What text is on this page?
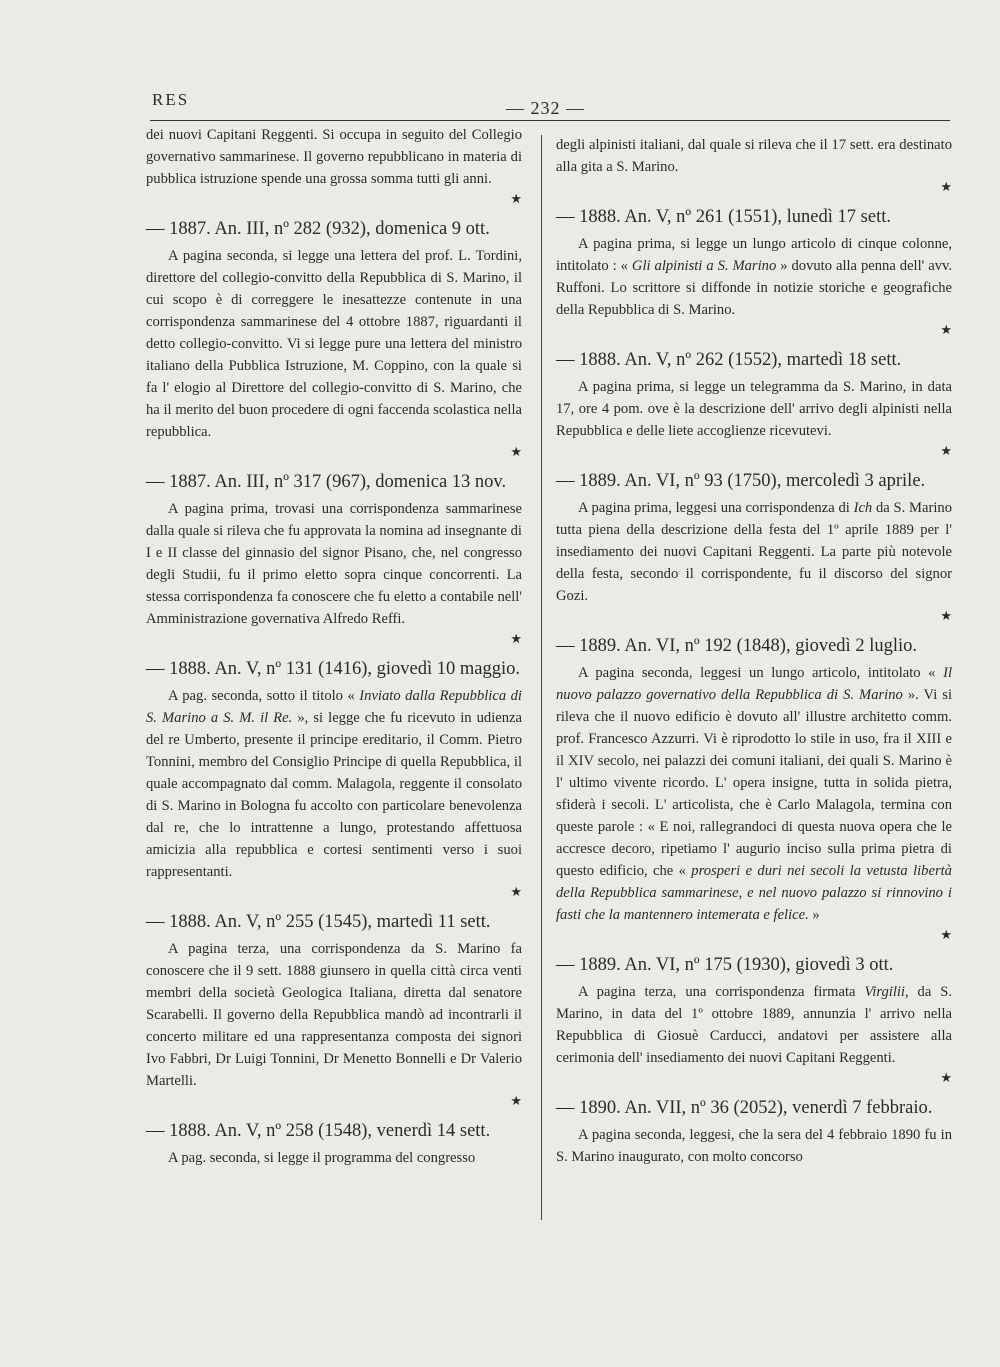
RES	— 232 —
dei nuovi Capitani Reggenti. Si occupa in seguito del Collegio governativo sammarinese. Il governo repubblicano in materia di pubblica istruzione spende una grossa somma tutti gli anni.
★
— 1887. An. III, nº 282 (932), domenica 9 ott.
A pagina seconda, si legge una lettera del prof. L. Tordini, direttore del collegio-convitto della Repubblica di S. Marino, il cui scopo è di correggere le inesattezze contenute in una corrispondenza sammarinese del 4 ottobre 1887, riguardanti il detto collegio-convitto. Vi si legge pure una lettera del ministro italiano della Pubblica Istruzione, M. Coppino, con la quale si fa l' elogio al Direttore del collegio-convitto di S. Marino, che ha il merito del buon procedere di ogni faccenda scolastica nella repubblica.
★
— 1887. An. III, nº 317 (967), domenica 13 nov.
A pagina prima, trovasi una corrispondenza sammarinese dalla quale si rileva che fu approvata la nomina ad insegnante di I e II classe del ginnasio del signor Pisano, che, nel congresso degli Studii, fu il primo eletto sopra cinque concorrenti. La stessa corrispondenza fa conoscere che fu eletto a contabile nell' Amministrazione governativa Alfredo Reffi.
★
— 1888. An. V, nº 131 (1416), giovedì 10 maggio.
A pag. seconda, sotto il titolo « Inviato dalla Repubblica di S. Marino a S. M. il Re. », si legge che fu ricevuto in udienza del re Umberto, presente il principe ereditario, il Comm. Pietro Tonnini, membro del Consiglio Principe di quella Repubblica, il quale accompagnato dal comm. Malagola, reggente il consolato di S. Marino in Bologna fu accolto con particolare benevolenza dal re, che lo intrattenne a lungo, protestando affettuosa amicizia alla repubblica e cortesi sentimenti verso i suoi rappresentanti.
★
— 1888. An. V, nº 255 (1545), martedì 11 sett.
A pagina terza, una corrispondenza da S. Marino fa conoscere che il 9 sett. 1888 giunsero in quella città circa venti membri della società Geologica Italiana, diretta dal senatore Scarabelli. Il governo della Repubblica mandò ad incontrarli il concerto militare ed una rappresentanza composta dei signori Ivo Fabbri, Dr Luigi Tonnini, Dr Menetto Bonnelli e Dr Valerio Martelli.
★
— 1888. An. V, nº 258 (1548), venerdì 14 sett.
A pag. seconda, si legge il programma del congresso
degli alpinisti italiani, dal quale si rileva che il 17 sett. era destinato alla gita a S. Marino.
★
— 1888. An. V, nº 261 (1551), lunedì 17 sett.
A pagina prima, si legge un lungo articolo di cinque colonne, intitolato : « Gli alpinisti a S. Marino » dovuto alla penna dell' avv. Ruffoni. Lo scrittore si diffonde in notizie storiche e geografiche della Repubblica di S. Marino.
★
— 1888. An. V, nº 262 (1552), martedì 18 sett.
A pagina prima, si legge un telegramma da S. Marino, in data 17, ore 4 pom. ove è la descrizione dell' arrivo degli alpinisti nella Repubblica e delle liete accoglienze ricevutevi.
★
— 1889. An. VI, nº 93 (1750), mercoledì 3 aprile.
A pagina prima, leggesi una corrispondenza di Ich da S. Marino tutta piena della descrizione della festa del 1º aprile 1889 per l' insediamento dei nuovi Capitani Reggenti. La parte più notevole della festa, secondo il corrispondente, fu il discorso del signor Gozi.
★
— 1889. An. VI, nº 192 (1848), giovedì 2 luglio.
A pagina seconda, leggesi un lungo articolo, intitolato « Il nuovo palazzo governativo della Repubblica di S. Marino ». Vi si rileva che il nuovo edificio è dovuto all' illustre architetto comm. prof. Francesco Azzurri. Vi è riprodotto lo stile in uso, fra il XIII e il XIV secolo, nei palazzi dei comuni italiani, dei quali S. Marino è l' ultimo vivente ricordo. L' opera insigne, tutta in solida pietra, sfiderà i secoli. L' articolista, che è Carlo Malagola, termina con queste parole : « E noi, rallegrandoci di questa nuova opera che le accresce decoro, ripetiamo l' augurio inciso sulla prima pietra di questo edificio, che « prosperi e duri nei secoli la vetusta libertà della Repubblica sammarinese, e nel nuovo palazzo si rinnovino i fasti che la mantennero intemerata e felice. »
★
— 1889. An. VI, nº 175 (1930), giovedì 3 ott.
A pagina terza, una corrispondenza firmata Virgilii, da S. Marino, in data del 1º ottobre 1889, annunzia l' arrivo nella Repubblica di Giosuè Carducci, andatovi per assistere alla cerimonia dell' insediamento dei nuovi Capitani Reggenti.
★
— 1890. An. VII, nº 36 (2052), venerdì 7 febbraio.
A pagina seconda, leggesi, che la sera del 4 febbraio 1890 fu in S. Marino inaugurato, con molto concorso
